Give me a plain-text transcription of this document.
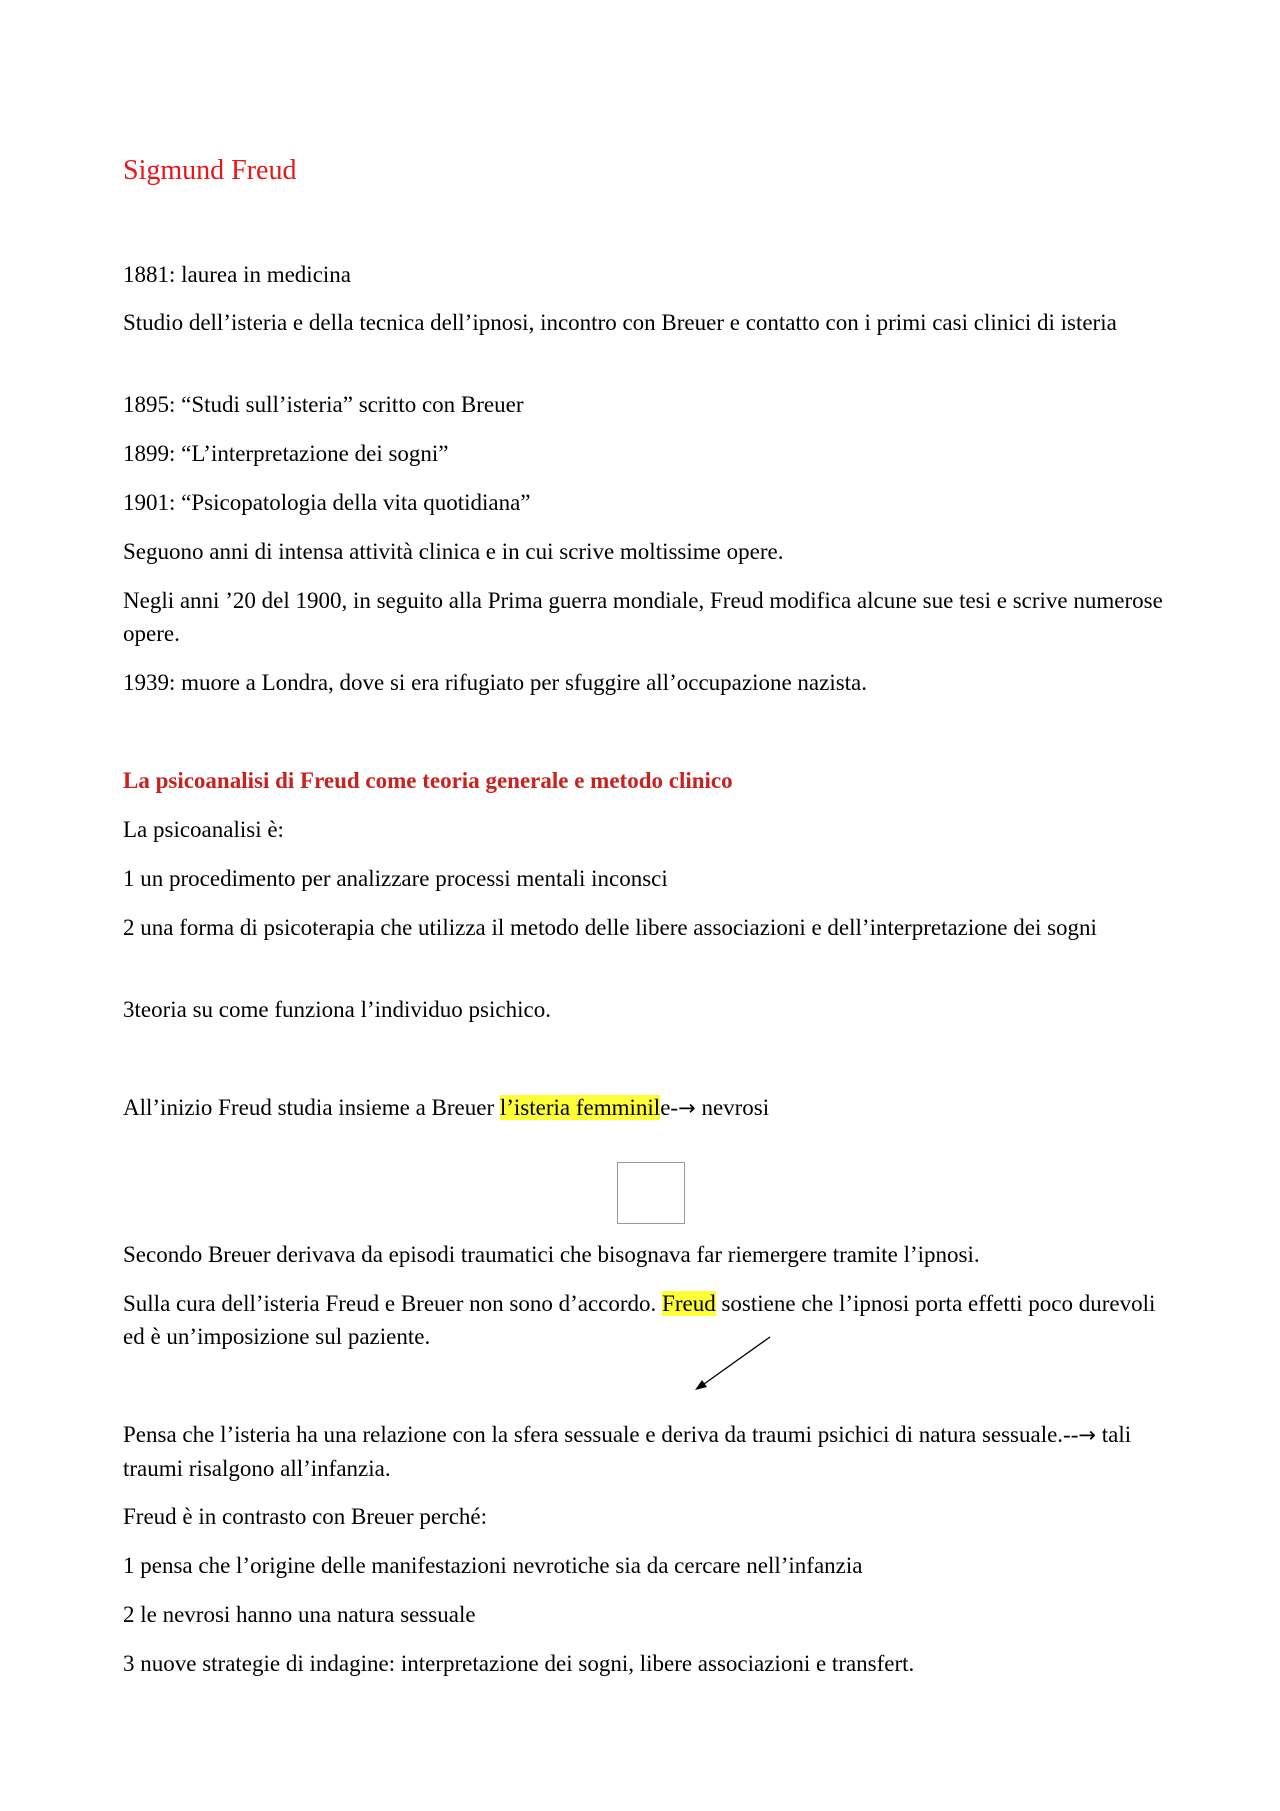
Sigmund Freud

1881: laurea in medicina

Studio dell’isteria e della tecnica dell’ipnosi, incontro con Breuer e contatto con i primi casi clinici di isteria

1895: “Studi sull’isteria” scritto con Breuer

1899: “L’interpretazione dei sogni”

1901: “Psicopatologia della vita quotidiana”

Seguono anni di intensa attività clinica e in cui scrive moltissime opere.

Negli anni ’20 del 1900, in seguito alla Prima guerra mondiale, Freud modifica alcune sue tesi e scrive numerose opere.

1939: muore a Londra, dove si era rifugiato per sfuggire all’occupazione nazista.

La psicoanalisi di Freud come teoria generale e metodo clinico

La psicoanalisi è:

1 un procedimento per analizzare processi mentali inconsci

2 una forma di psicoterapia che utilizza il metodo delle libere associazioni e dell’interpretazione dei sogni

3teoria su come funziona l’individuo psichico.

All’inizio Freud studia insieme a Breuer l’isteria femminile-→ nevrosi

Secondo Breuer derivava da episodi traumatici che bisognava far riemergere tramite l’ipnosi.

Sulla cura dell’isteria Freud e Breuer non sono d’accordo. Freud sostiene che l’ipnosi porta effetti poco durevoli ed è un’imposizione sul paziente.

Pensa che l’isteria ha una relazione con la sfera sessuale e deriva da traumi psichici di natura sessuale.--→ tali traumi risalgono all’infanzia.

Freud è in contrasto con Breuer perché:

1 pensa che l’origine delle manifestazioni nevrotiche sia da cercare nell’infanzia

2 le nevrosi hanno una natura sessuale

3 nuove strategie di indagine: interpretazione dei sogni, libere associazioni e transfert.
